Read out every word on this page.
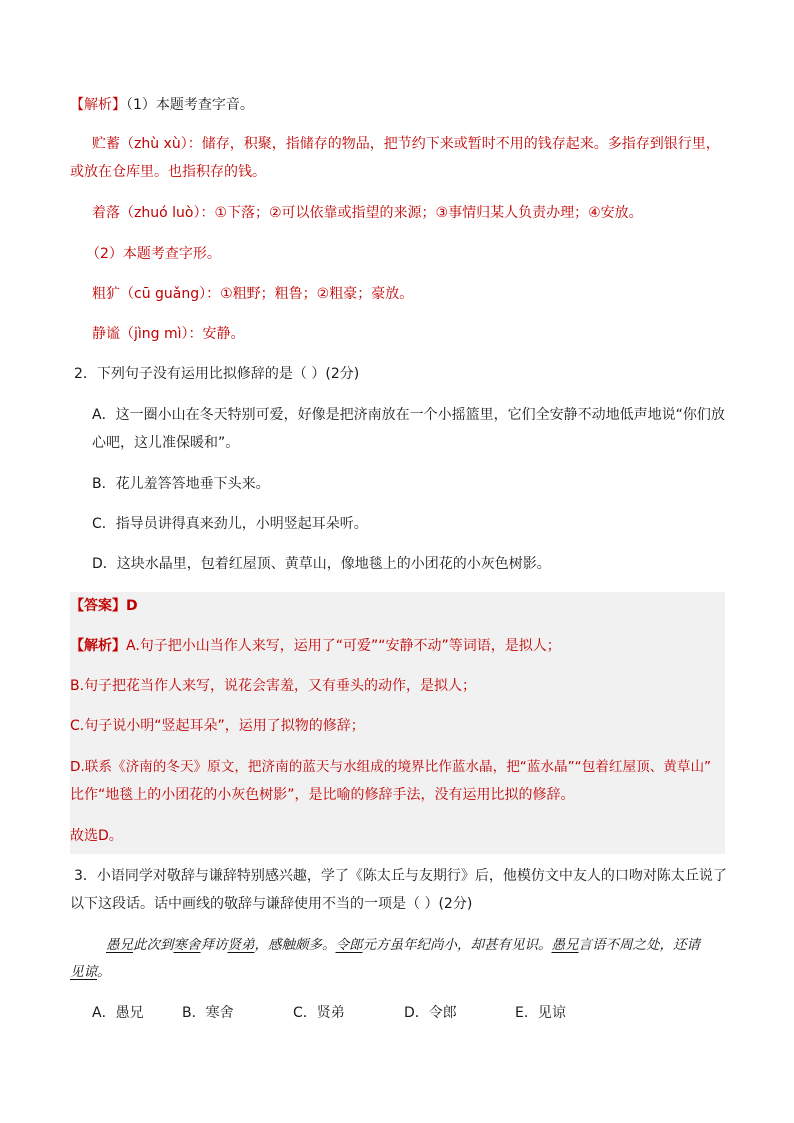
【解析】（1）本题考查字音。
贮蓄（zhù xù）：储存，积聚，指储存的物品，把节约下来或暂时不用的钱存起来。多指存到银行里，
或放在仓库里。也指积存的钱。
着落（zhuó luò）：①下落；②可以依靠或指望的来源；③事情归某人负责办理；④安放。
（2）本题考查字形。
粗犷（cū guǎng）：①粗野；粗鲁；②粗豪；豪放。
静谧（jìng mì）：安静。
2．下列句子没有运用比拟修辞的是（ ）(2分)
A．这一圈小山在冬天特别可爱，好像是把济南放在一个小摇篮里，它们全安静不动地低声地说“你们放
心吧，这儿准保暖和”。
B．花儿羞答答地垂下头来。
C．指导员讲得真来劲儿，小明竖起耳朵听。
D．这块水晶里，包着红屋顶、黄草山，像地毯上的小团花的小灰色树影。
【答案】D
【解析】A.句子把小山当作人来写，运用了“可爱”“安静不动”等词语，是拟人；
B.句子把花当作人来写，说花会害羞，又有垂头的动作，是拟人；
C.句子说小明“竖起耳朵”，运用了拟物的修辞；
D.联系《济南的冬天》原文，把济南的蓝天与水组成的境界比作蓝水晶，把“蓝水晶”“包着红屋顶、黄草山”
比作“地毯上的小团花的小灰色树影”，是比喻的修辞手法，没有运用比拟的修辞。
故选D。
3．小语同学对敬辞与谦辞特别感兴趣，学了《陈太丘与友期行》后，他模仿文中友人的口吻对陈太丘说了
以下这段话。话中画线的敬辞与谦辞使用不当的一项是（ ）(2分)
愚兄此次到寒舍拜访贤弟，感触颇多。令郎元方虽年纪尚小，却甚有见识。愚兄言语不周之处，还请
见谅。
A．愚兄	B．寒舍	C．贤弟	D．令郎	E．见谅
